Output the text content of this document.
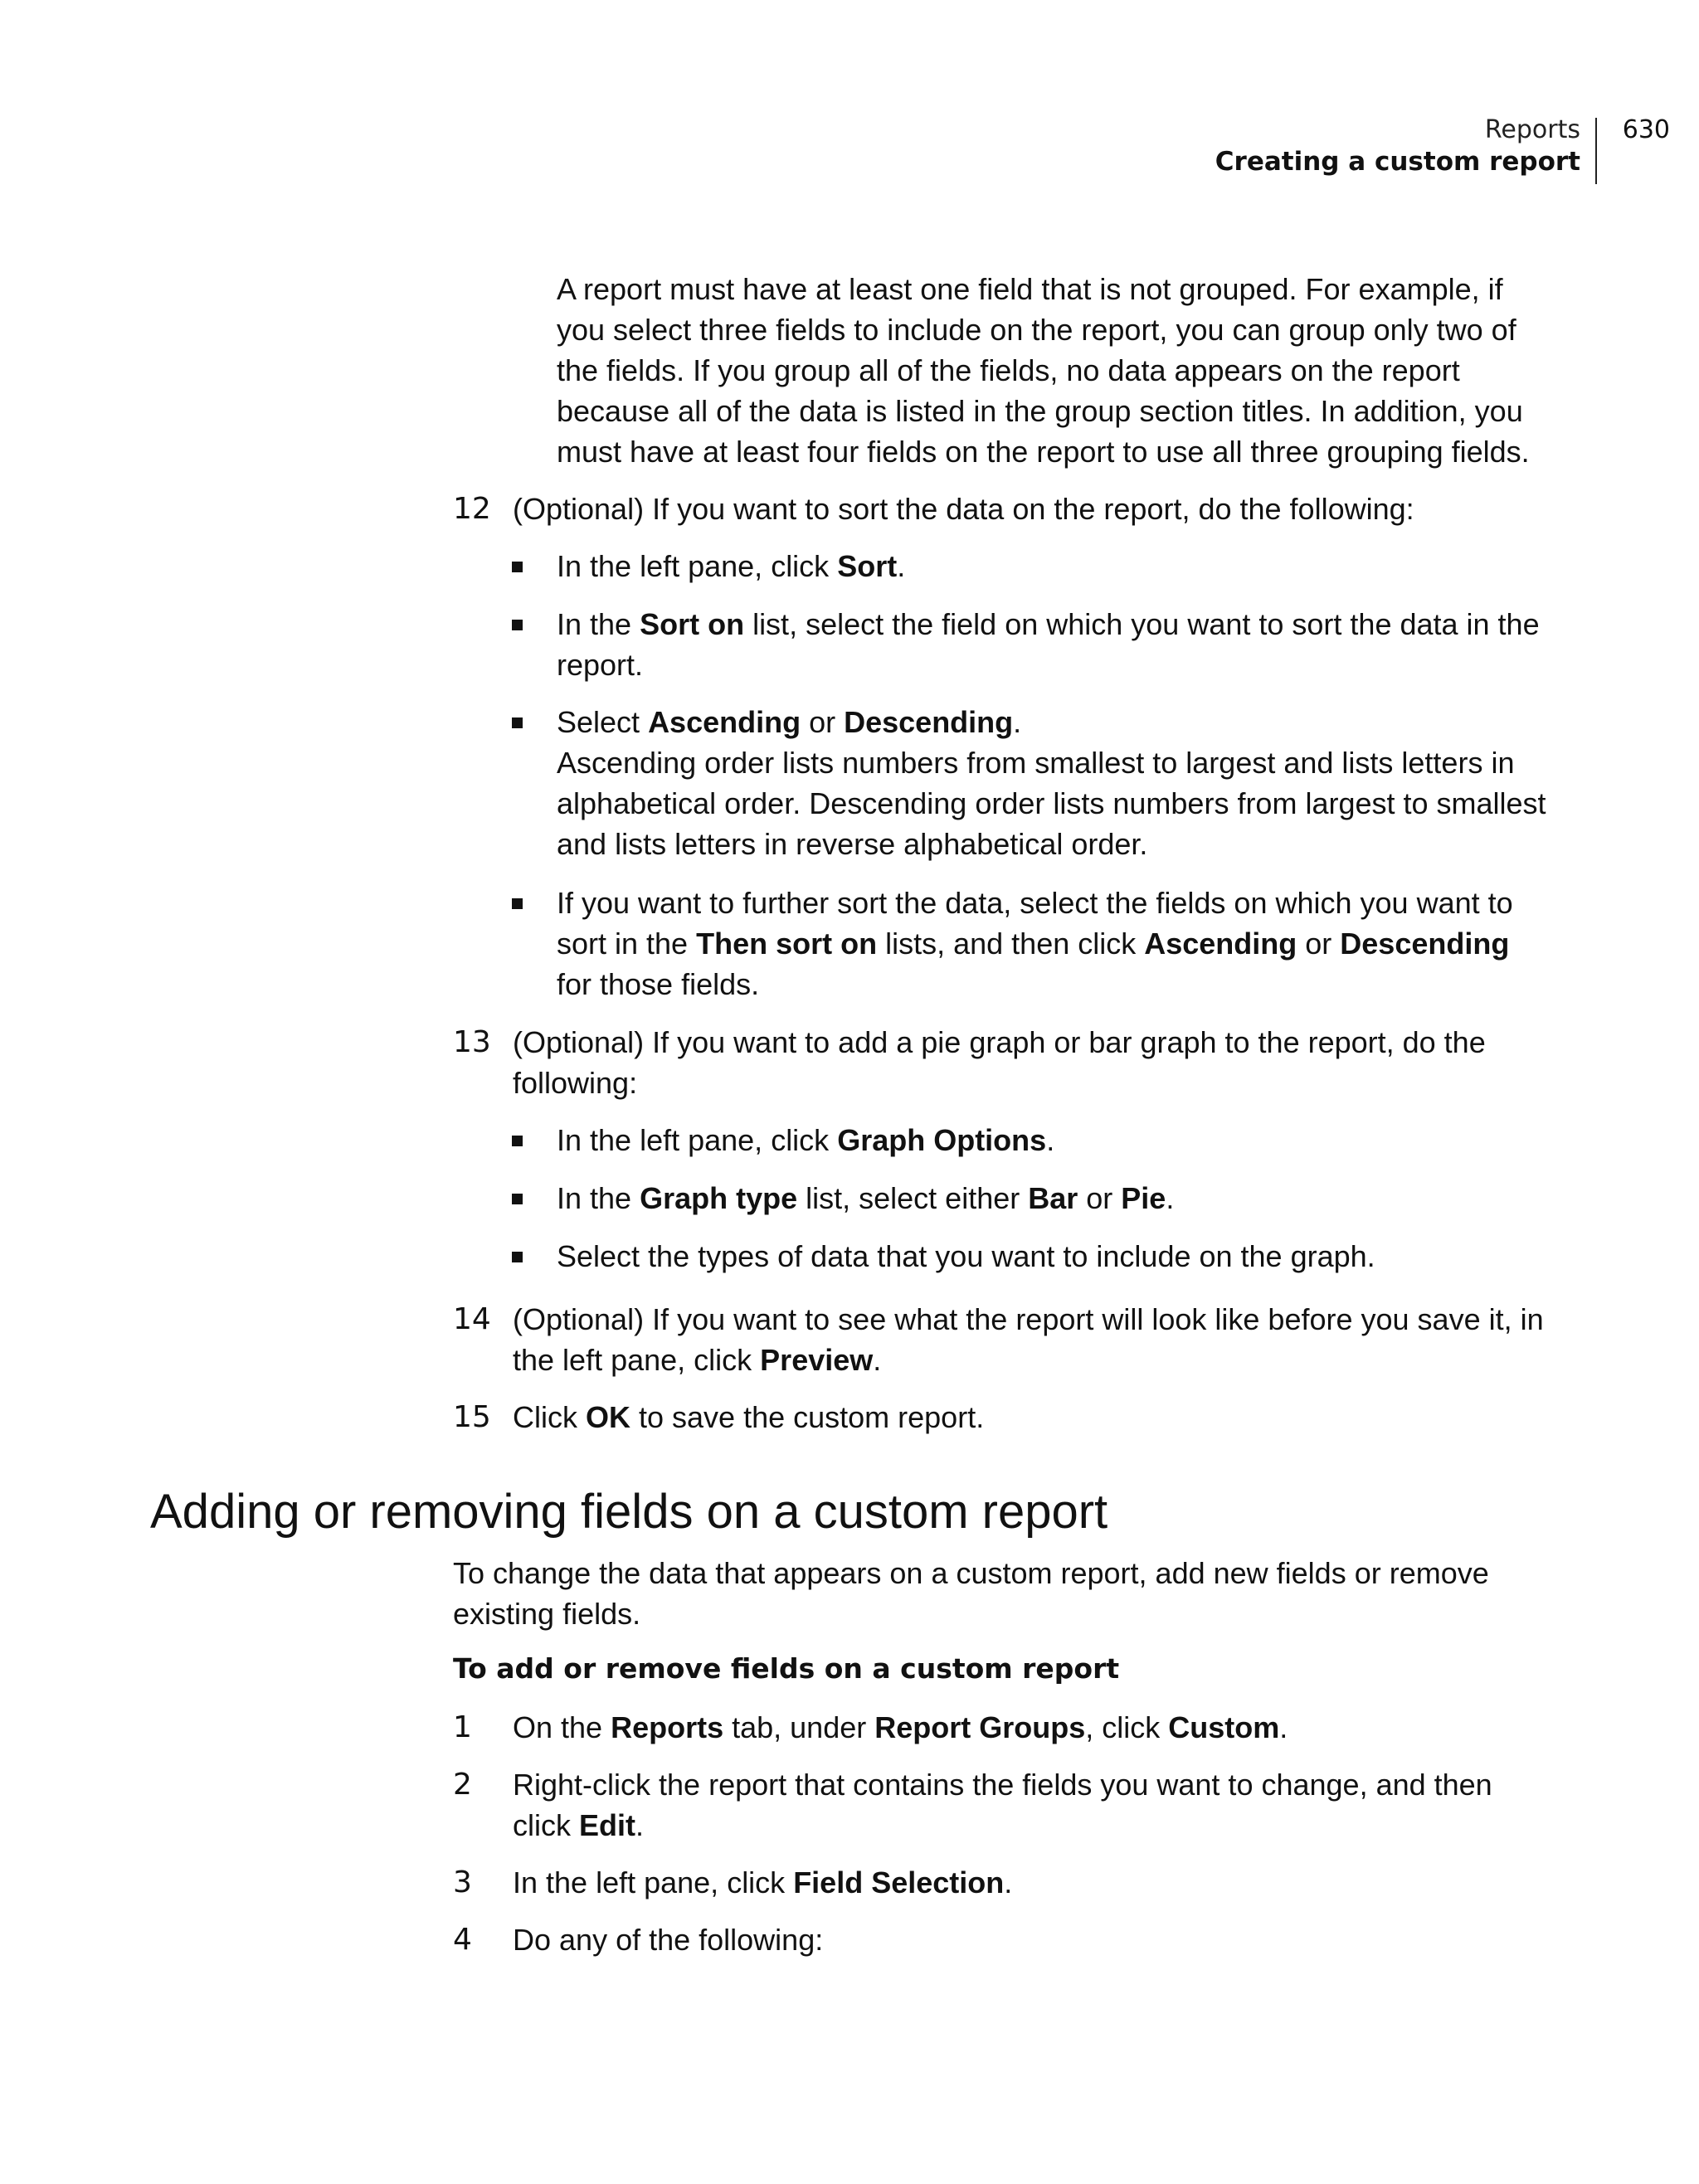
Reports
Creating a custom report
630

A report must have at least one field that is not grouped. For example, if you select three fields to include on the report, you can group only two of the fields. If you group all of the fields, no data appears on the report because all of the data is listed in the group section titles. In addition, you must have at least four fields on the report to use all three grouping fields.

12 (Optional) If you want to sort the data on the report, do the following:
In the left pane, click Sort.
In the Sort on list, select the field on which you want to sort the data in the report.
Select Ascending or Descending.
Ascending order lists numbers from smallest to largest and lists letters in alphabetical order. Descending order lists numbers from largest to smallest and lists letters in reverse alphabetical order.
If you want to further sort the data, select the fields on which you want to sort in the Then sort on lists, and then click Ascending or Descending for those fields.
13 (Optional) If you want to add a pie graph or bar graph to the report, do the following:
In the left pane, click Graph Options.
In the Graph type list, select either Bar or Pie.
Select the types of data that you want to include on the graph.
14 (Optional) If you want to see what the report will look like before you save it, in the left pane, click Preview.
15 Click OK to save the custom report.
Adding or removing fields on a custom report

To change the data that appears on a custom report, add new fields or remove existing fields.

To add or remove fields on a custom report
1 On the Reports tab, under Report Groups, click Custom.
2 Right-click the report that contains the fields you want to change, and then click Edit.
3 In the left pane, click Field Selection.
4 Do any of the following:
